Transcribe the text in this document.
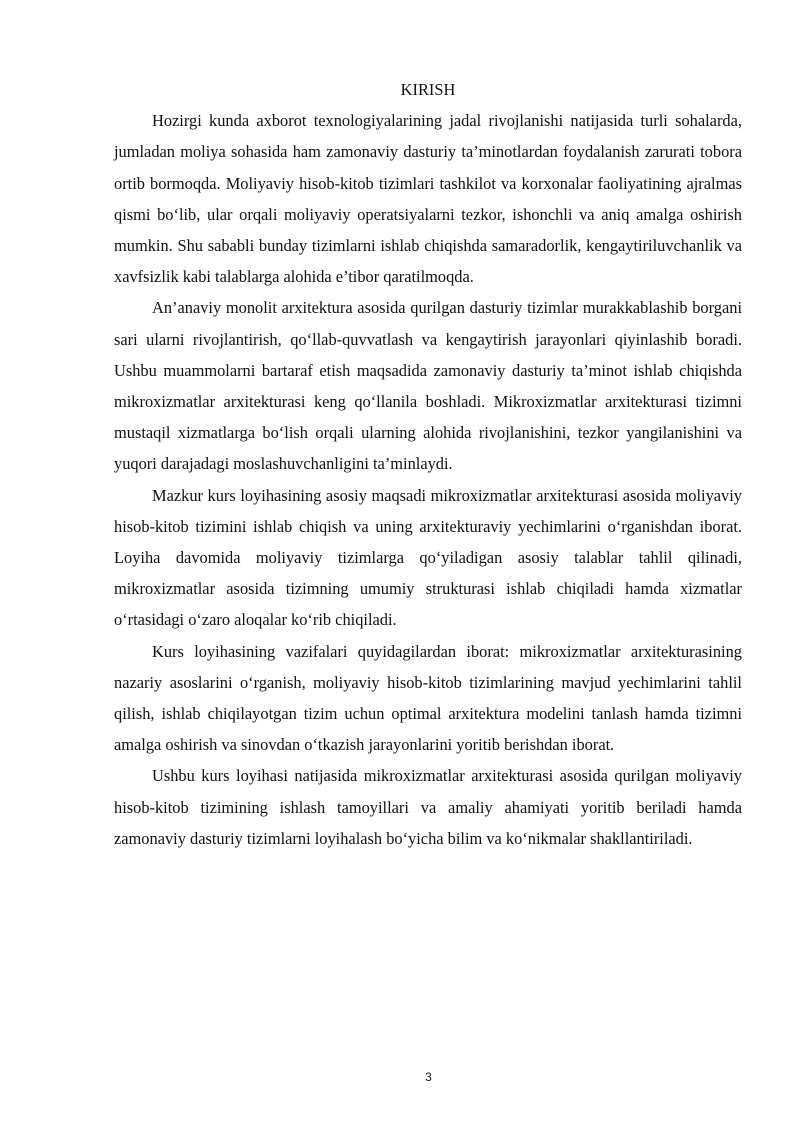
KIRISH

Hozirgi kunda axborot texnologiyalarining jadal rivojlanishi natijasida turli sohalarda, jumladan moliya sohasida ham zamonaviy dasturiy ta’minotlardan foydalanish zarurati tobora ortib bormoqda. Moliyaviy hisob-kitob tizimlari tashkilot va korxonalar faoliyatining ajralmas qismi bo‘lib, ular orqali moliyaviy operatsiyalarni tezkor, ishonchli va aniq amalga oshirish mumkin. Shu sababli bunday tizimlarni ishlab chiqishda samaradorlik, kengaytiriluvchanlik va xavfsizlik kabi talablarga alohida e’tibor qaratilmoqda.

An’anaviy monolit arxitektura asosida qurilgan dasturiy tizimlar murakkablashib borgani sari ularni rivojlantirish, qo‘llab-quvvatlash va kengaytirish jarayonlari qiyinlashib boradi. Ushbu muammolarni bartaraf etish maqsadida zamonaviy dasturiy ta’minot ishlab chiqishda mikroxizmatlar arxitekturasi keng qo‘llanila boshladi. Mikroxizmatlar arxitekturasi tizimni mustaqil xizmatlarga bo‘lish orqali ularning alohida rivojlanishini, tezkor yangilanishini va yuqori darajadagi moslashuvchanligini ta’minlaydi.

Mazkur kurs loyihasining asosiy maqsadi mikroxizmatlar arxitekturasi asosida moliyaviy hisob-kitob tizimini ishlab chiqish va uning arxitekturaviy yechimlarini o‘rganishdan iborat. Loyiha davomida moliyaviy tizimlarga qo‘yiladigan asosiy talablar tahlil qilinadi, mikroxizmatlar asosida tizimning umumiy strukturasi ishlab chiqiladi hamda xizmatlar o‘rtasidagi o‘zaro aloqalar ko‘rib chiqiladi.

Kurs loyihasining vazifalari quyidagilardan iborat: mikroxizmatlar arxitekturasining nazariy asoslarini o‘rganish, moliyaviy hisob-kitob tizimlarining mavjud yechimlarini tahlil qilish, ishlab chiqilayotgan tizim uchun optimal arxitektura modelini tanlash hamda tizimni amalga oshirish va sinovdan o‘tkazish jarayonlarini yoritib berishdan iborat.

Ushbu kurs loyihasi natijasida mikroxizmatlar arxitekturasi asosida qurilgan moliyaviy hisob-kitob tizimining ishlash tamoyillari va amaliy ahamiyati yoritib beriladi hamda zamonaviy dasturiy tizimlarni loyihalash bo‘yicha bilim va ko‘nikmalar shakllantiriladi.

3
